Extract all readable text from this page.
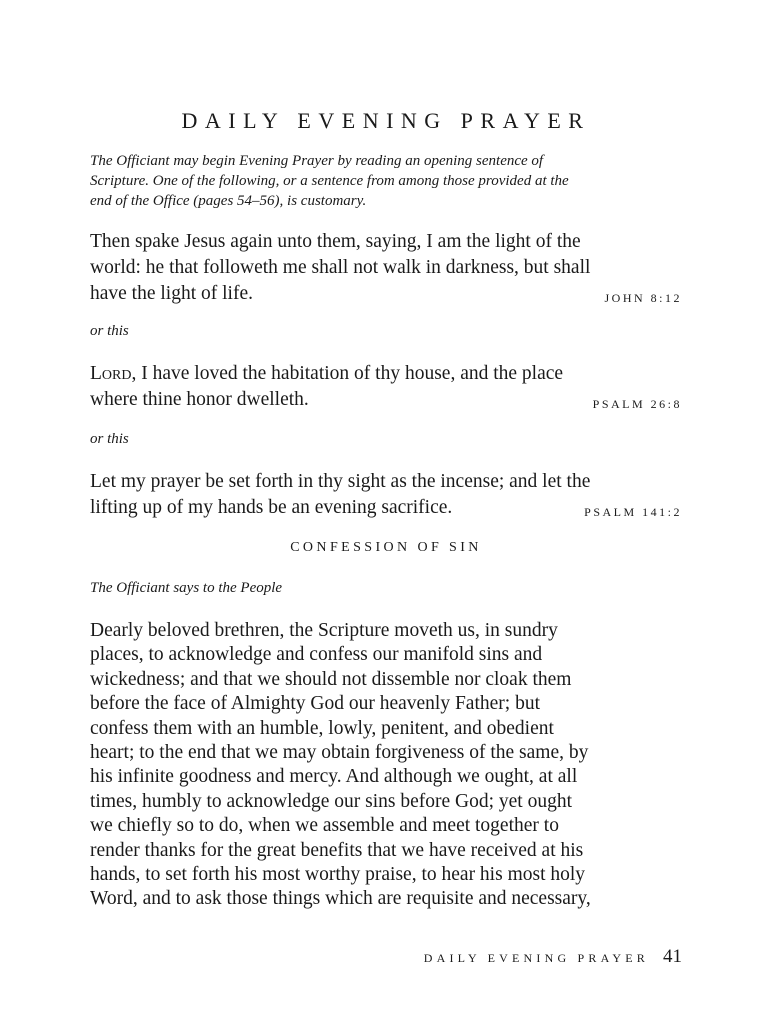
DAILY EVENING PRAYER

The Officiant may begin Evening Prayer by reading an opening sentence of
Scripture. One of the following, or a sentence from among those provided at the
end of the Office (pages 54–56), is customary.

Then spake Jesus again unto them, saying, I am the light of the
world: he that followeth me shall not walk in darkness, but shall
have the light of life.	JOHN 8:12

or this

Lord, I have loved the habitation of thy house, and the place
where thine honor dwelleth.	PSALM 26:8

or this

Let my prayer be set forth in thy sight as the incense; and let the
lifting up of my hands be an evening sacrifice.	PSALM 141:2

CONFESSION OF SIN

The Officiant says to the People

Dearly beloved brethren, the Scripture moveth us, in sundry
places, to acknowledge and confess our manifold sins and
wickedness; and that we should not dissemble nor cloak them
before the face of Almighty God our heavenly Father; but
confess them with an humble, lowly, penitent, and obedient
heart; to the end that we may obtain forgiveness of the same, by
his infinite goodness and mercy. And although we ought, at all
times, humbly to acknowledge our sins before God; yet ought
we chiefly so to do, when we assemble and meet together to
render thanks for the great benefits that we have received at his
hands, to set forth his most worthy praise, to hear his most holy
Word, and to ask those things which are requisite and necessary,

DAILY EVENING PRAYER 41
